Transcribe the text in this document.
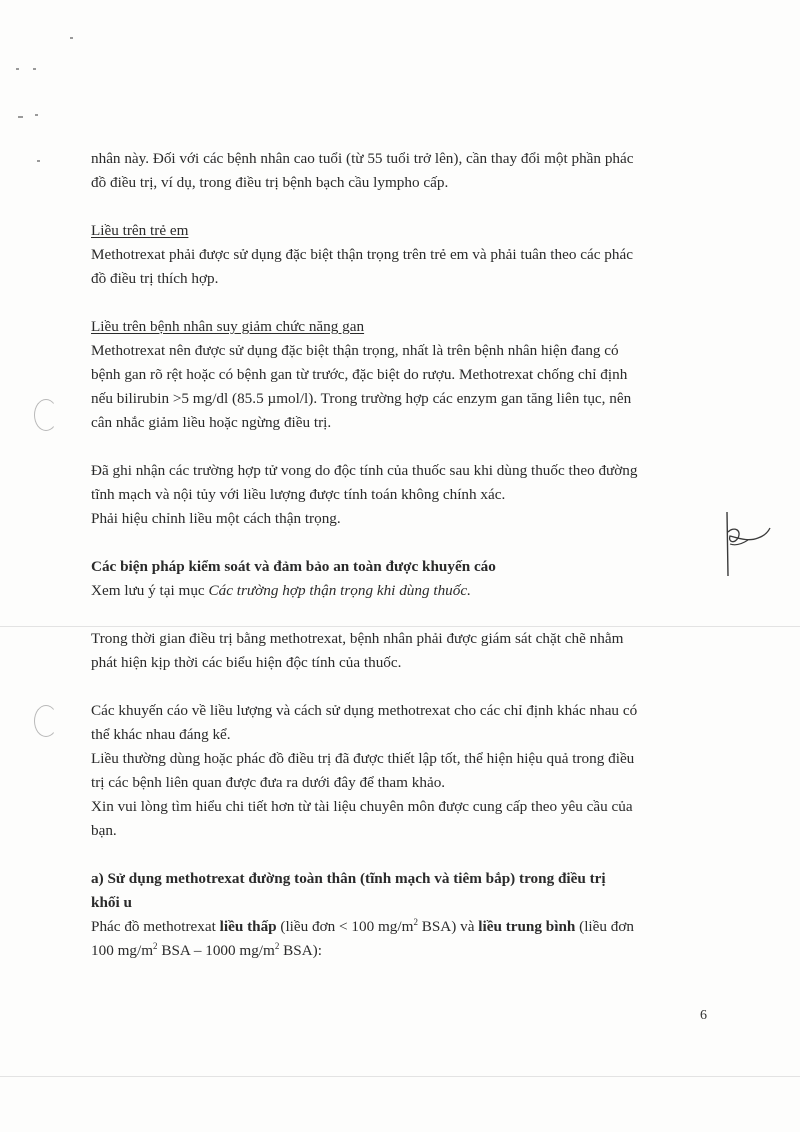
nhân này. Đối với các bệnh nhân cao tuổi (từ 55 tuổi trở lên), cần thay đổi một phần phác

đồ điều trị, ví dụ, trong điều trị bệnh bạch cầu lympho cấp.

Liều trên trẻ em

Methotrexat phải được sử dụng đặc biệt thận trọng trên trẻ em và phải tuân theo các phác

đồ điều trị thích hợp.

Liều trên bệnh nhân suy giảm chức năng gan

Methotrexat nên được sử dụng đặc biệt thận trọng, nhất là trên bệnh nhân hiện đang có

bệnh gan rõ rệt hoặc có bệnh gan từ trước, đặc biệt do rượu. Methotrexat chống chỉ định

nếu bilirubin >5 mg/dl (85.5 µmol/l). Trong trường hợp các enzym gan tăng liên tục, nên

cân nhắc giảm liều hoặc ngừng điều trị.

Đã ghi nhận các trường hợp tử vong do độc tính của thuốc sau khi dùng thuốc theo đường

tĩnh mạch và nội tủy với liều lượng được tính toán không chính xác.

Phải hiệu chỉnh liều một cách thận trọng.

Các biện pháp kiểm soát và đảm bảo an toàn được khuyến cáo

Xem lưu ý tại mục Các trường hợp thận trọng khi dùng thuốc.

Trong thời gian điều trị bằng methotrexat, bệnh nhân phải được giám sát chặt chẽ nhằm

phát hiện kịp thời các biểu hiện độc tính của thuốc.

Các khuyến cáo về liều lượng và cách sử dụng methotrexat cho các chỉ định khác nhau có

thể khác nhau đáng kể.

Liều thường dùng hoặc phác đồ điều trị đã được thiết lập tốt, thể hiện hiệu quả trong điều

trị các bệnh liên quan được đưa ra dưới đây để tham khảo.

Xin vui lòng tìm hiểu chi tiết hơn từ tài liệu chuyên môn được cung cấp theo yêu cầu của

bạn.

a) Sử dụng methotrexat đường toàn thân (tĩnh mạch và tiêm bắp) trong điều trị

khối u

Phác đồ methotrexat liều thấp (liều đơn < 100 $mg/m^2$ BSA) và liều trung bình (liều đơn

100 $mg/m^2$ BSA – 1000 $mg/m^2$ BSA):

6
